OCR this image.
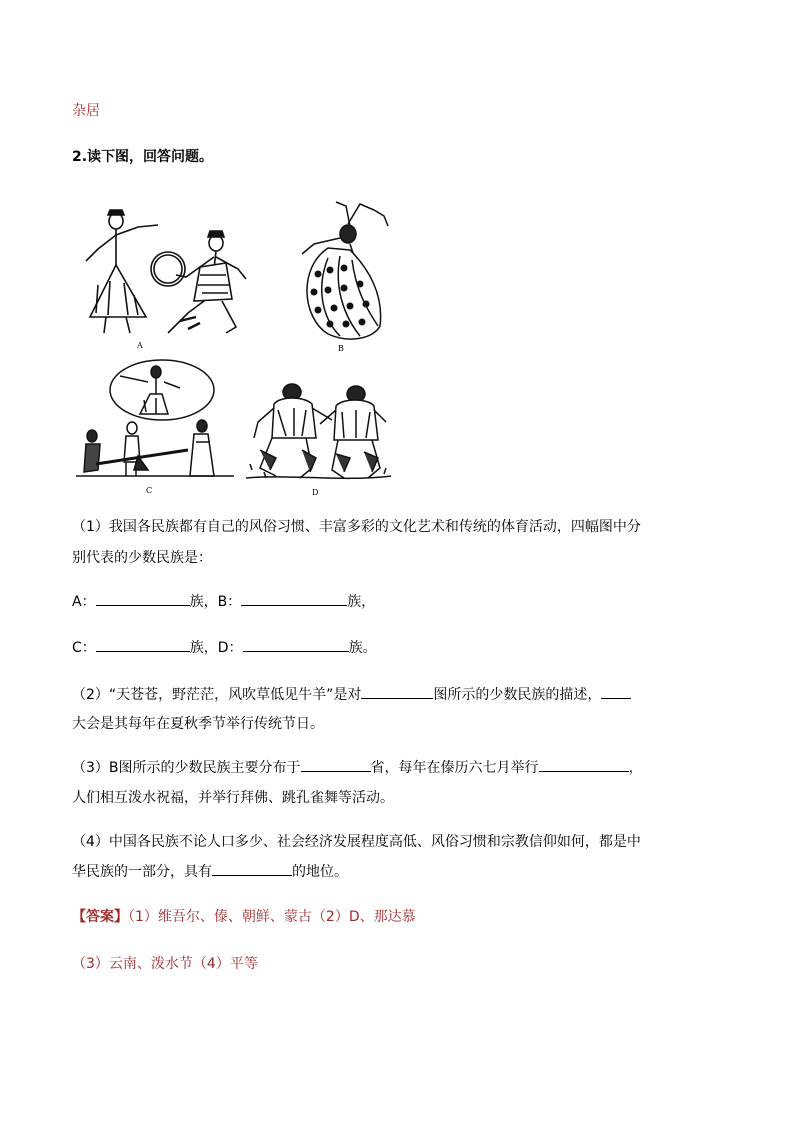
杂居
2.读下图，回答问题。
A	B
C	D
（1）我国各民族都有自己的风俗习惯、丰富多彩的文化艺术和传统的体育活动，四幅图中分
别代表的少数民族是：
A：	族，B：	族，
C：	族，D：	族。
（2）“天苍苍，野茫茫，风吹草低见牛羊”是对	图所示的少数民族的描述，
大会是其每年在夏秋季节举行传统节日。
（3）B图所示的少数民族主要分布于	省，每年在傣历六七月举行	，
人们相互泼水祝福，并举行拜佛、跳孔雀舞等活动。
（4）中国各民族不论人口多少、社会经济发展程度高低、风俗习惯和宗教信仰如何，都是中
华民族的一部分，具有	的地位。
【答案】（1）维吾尔、傣、朝鲜、蒙古（2）D、那达慕
（3）云南、泼水节（4）平等
